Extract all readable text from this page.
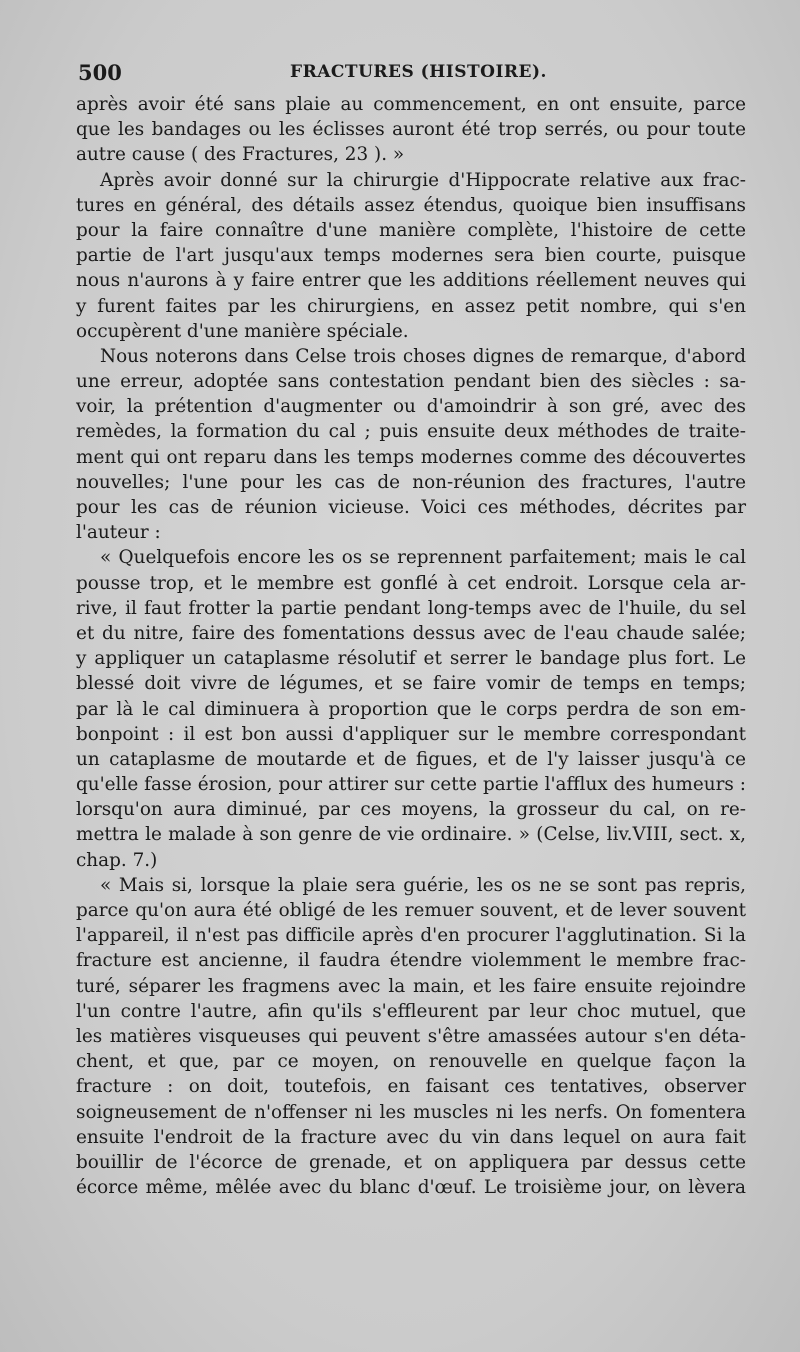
500	FRACTURES (HISTOIRE).
après avoir été sans plaie au commencement, en ont ensuite, parce
que les bandages ou les éclisses auront été trop serrés, ou pour toute
autre cause ( des Fractures, 23 ). »
Après avoir donné sur la chirurgie d'Hippocrate relative aux frac-
tures en général, des détails assez étendus, quoique bien insuffisans
pour la faire connaître d'une manière complète, l'histoire de cette
partie de l'art jusqu'aux temps modernes sera bien courte, puisque
nous n'aurons à y faire entrer que les additions réellement neuves qui
y furent faites par les chirurgiens, en assez petit nombre, qui s'en
occupèrent d'une manière spéciale.
Nous noterons dans Celse trois choses dignes de remarque, d'abord
une erreur, adoptée sans contestation pendant bien des siècles : sa-
voir, la prétention d'augmenter ou d'amoindrir à son gré, avec des
remèdes, la formation du cal ; puis ensuite deux méthodes de traite-
ment qui ont reparu dans les temps modernes comme des découvertes
nouvelles; l'une pour les cas de non-réunion des fractures, l'autre
pour les cas de réunion vicieuse. Voici ces méthodes, décrites par
l'auteur :
« Quelquefois encore les os se reprennent parfaitement; mais le cal
pousse trop, et le membre est gonflé à cet endroit. Lorsque cela ar-
rive, il faut frotter la partie pendant long-temps avec de l'huile, du sel
et du nitre, faire des fomentations dessus avec de l'eau chaude salée;
y appliquer un cataplasme résolutif et serrer le bandage plus fort. Le
blessé doit vivre de légumes, et se faire vomir de temps en temps;
par là le cal diminuera à proportion que le corps perdra de son em-
bonpoint : il est bon aussi d'appliquer sur le membre correspondant
un cataplasme de moutarde et de figues, et de l'y laisser jusqu'à ce
qu'elle fasse érosion, pour attirer sur cette partie l'afflux des humeurs :
lorsqu'on aura diminué, par ces moyens, la grosseur du cal, on re-
mettra le malade à son genre de vie ordinaire. » (Celse, liv.VIII, sect. x,
chap. 7.)
« Mais si, lorsque la plaie sera guérie, les os ne se sont pas repris,
parce qu'on aura été obligé de les remuer souvent, et de lever souvent
l'appareil, il n'est pas difficile après d'en procurer l'agglutination. Si la
fracture est ancienne, il faudra étendre violemment le membre frac-
turé, séparer les fragmens avec la main, et les faire ensuite rejoindre
l'un contre l'autre, afin qu'ils s'effleurent par leur choc mutuel, que
les matières visqueuses qui peuvent s'être amassées autour s'en déta-
chent, et que, par ce moyen, on renouvelle en quelque façon la
fracture : on doit, toutefois, en faisant ces tentatives, observer
soigneusement de n'offenser ni les muscles ni les nerfs. On fomentera
ensuite l'endroit de la fracture avec du vin dans lequel on aura fait
bouillir de l'écorce de grenade, et on appliquera par dessus cette
écorce même, mêlée avec du blanc d'œuf. Le troisième jour, on lèvera
